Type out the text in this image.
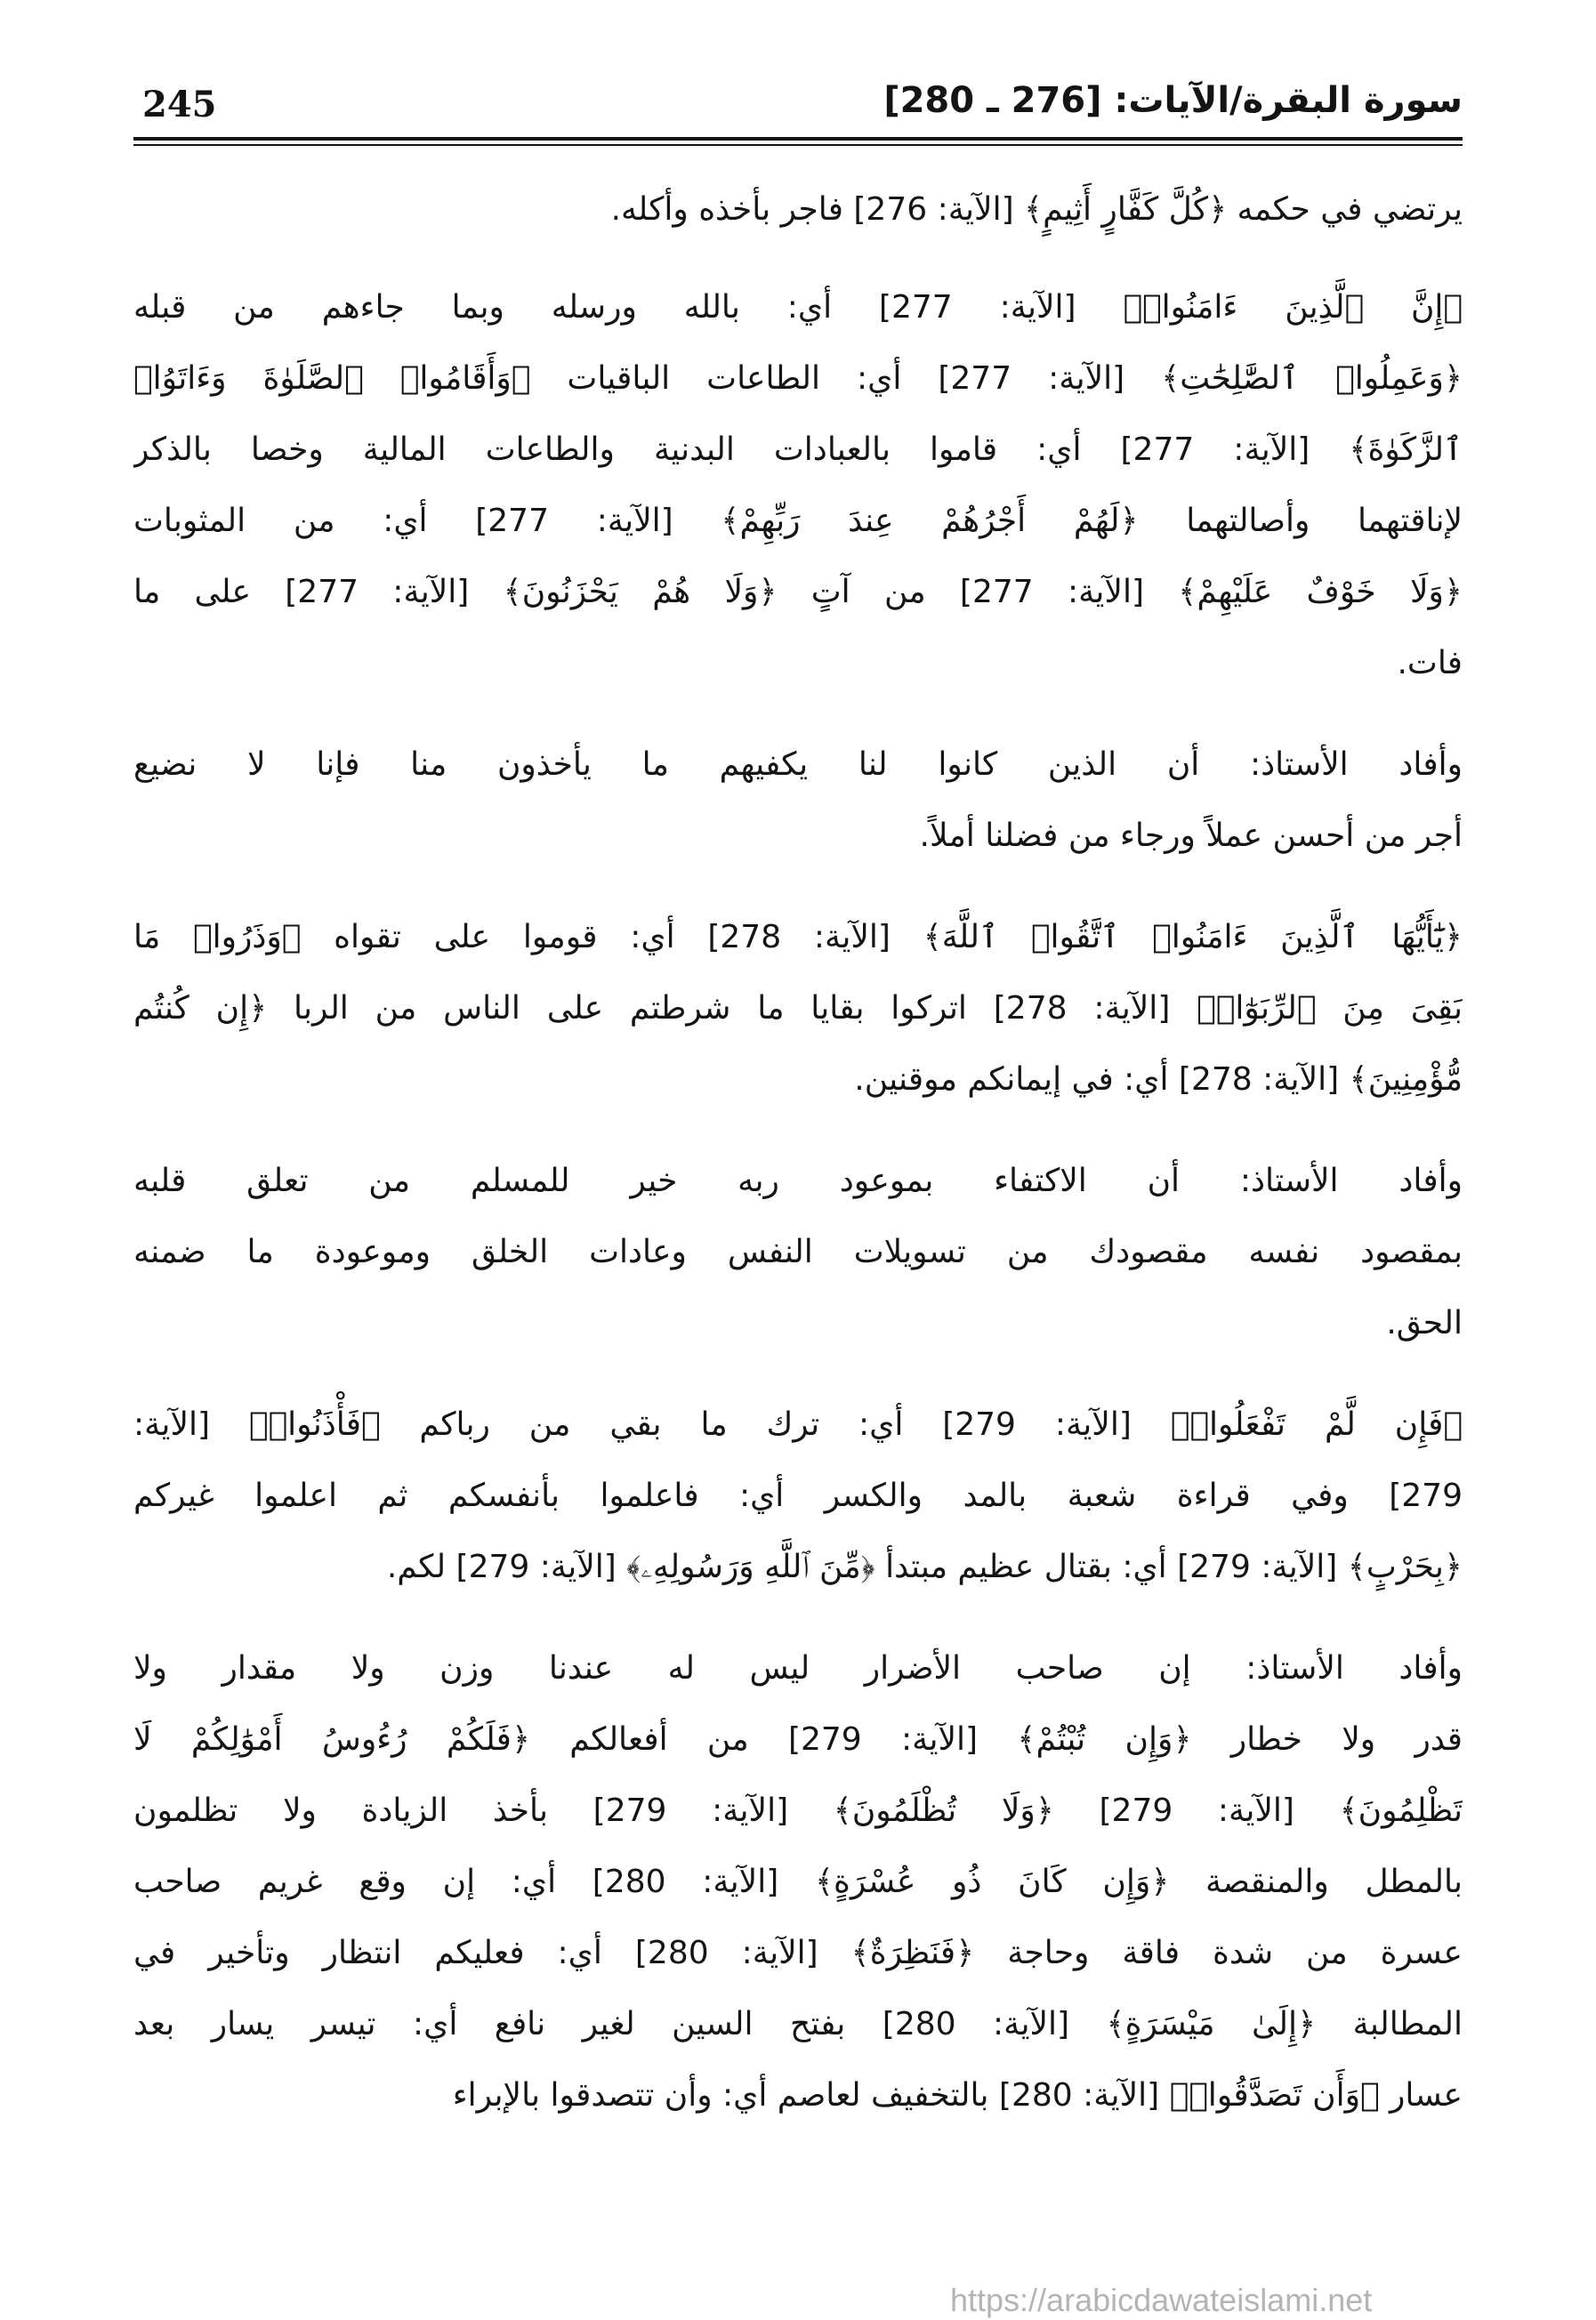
245	سورة البقرة/الآيات: [276 ـ 280]
يرتضي في حكمه ﴿كُلَّ كَفَّارٍ أَثِيمٍ﴾ [الآية: 276] فاجر بأخذه وأكله.
﴿إِنَّ ٱلَّذِينَ ءَامَنُوا۟﴾ [الآية: 277] أي: بالله ورسله وبما جاءهم من قبله
﴿وَعَمِلُوا۟ ٱلصَّٰلِحَٰتِ﴾ [الآية: 277] أي: الطاعات الباقيات ﴿وَأَقَامُوا۟ ٱلصَّلَوٰةَ وَءَاتَوُا۟
ٱلزَّكَوٰةَ﴾ [الآية: 277] أي: قاموا بالعبادات البدنية والطاعات المالية وخصا بالذكر
لإناقتهما وأصالتهما ﴿لَهُمْ أَجْرُهُمْ عِندَ رَبِّهِمْ﴾ [الآية: 277] أي: من المثوبات
﴿وَلَا خَوْفٌ عَلَيْهِمْ﴾ [الآية: 277] من آتٍ ﴿وَلَا هُمْ يَحْزَنُونَ﴾ [الآية: 277] على ما
فات.
وأفاد الأستاذ: أن الذين كانوا لنا يكفيهم ما يأخذون منا فإنا لا نضيع
أجر من أحسن عملاً ورجاء من فضلنا أملاً.
﴿يَٰٓأَيُّهَا ٱلَّذِينَ ءَامَنُوا۟ ٱتَّقُوا۟ ٱللَّهَ﴾ [الآية: 278] أي: قوموا على تقواه ﴿وَذَرُوا۟ مَا
بَقِىَ مِنَ ٱلرِّبَوٰٓا۟﴾ [الآية: 278] اتركوا بقايا ما شرطتم على الناس من الربا ﴿إِن كُنتُم
مُّؤْمِنِينَ﴾ [الآية: 278] أي: في إيمانكم موقنين.
وأفاد الأستاذ: أن الاكتفاء بموعود ربه خير للمسلم من تعلق قلبه
بمقصود نفسه مقصودك من تسويلات النفس وعادات الخلق وموعودة ما ضمنه
الحق.
﴿فَإِن لَّمْ تَفْعَلُوا۟﴾ [الآية: 279] أي: ترك ما بقي من رباكم ﴿فَأْذَنُوا۟﴾ [الآية:
279] وفي قراءة شعبة بالمد والكسر أي: فاعلموا بأنفسكم ثم اعلموا غيركم
﴿بِحَرْبٍ﴾ [الآية: 279] أي: بقتال عظيم مبتدأ ﴿مِّنَ ٱللَّهِ وَرَسُولِهِۦ﴾ [الآية: 279] لكم.
وأفاد الأستاذ: إن صاحب الأضرار ليس له عندنا وزن ولا مقدار ولا
قدر ولا خطار ﴿وَإِن تُبْتُمْ﴾ [الآية: 279] من أفعالكم ﴿فَلَكُمْ رُءُوسُ أَمْوَٰلِكُمْ لَا
تَظْلِمُونَ﴾ [الآية: 279] ﴿وَلَا تُظْلَمُونَ﴾ [الآية: 279] بأخذ الزيادة ولا تظلمون
بالمطل والمنقصة ﴿وَإِن كَانَ ذُو عُسْرَةٍ﴾ [الآية: 280] أي: إن وقع غريم صاحب
عسرة من شدة فاقة وحاجة ﴿فَنَظِرَةٌ﴾ [الآية: 280] أي: فعليكم انتظار وتأخير في
المطالبة ﴿إِلَىٰ مَيْسَرَةٍ﴾ [الآية: 280] بفتح السين لغير نافع أي: تيسر يسار بعد
عسار ﴿وَأَن تَصَدَّقُوا۟﴾ [الآية: 280] بالتخفيف لعاصم أي: وأن تتصدقوا بالإبراء
https://arabicdawateislami.net
